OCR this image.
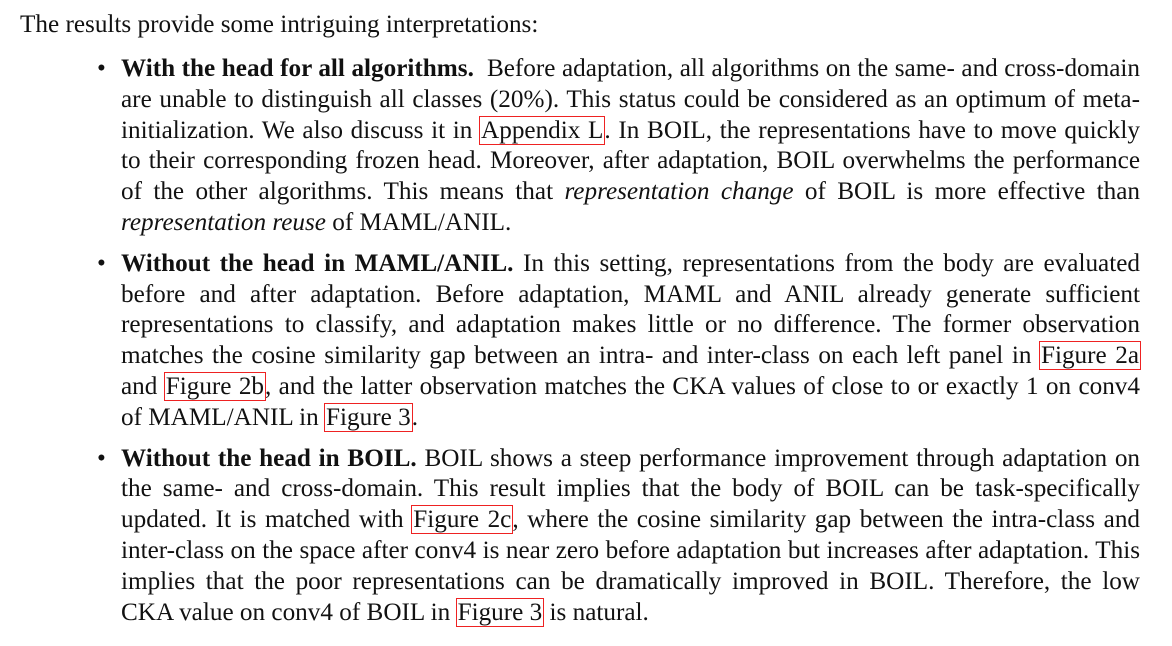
The results provide some intriguing interpretations:

• With the head for all algorithms. Before adaptation, all algorithms on the same- and cross-domain are unable to distinguish all classes (20%). This status could be considered as an optimum of meta-initialization. We also discuss it in Appendix L. In BOIL, the representations have to move quickly to their corresponding frozen head. Moreover, after adaptation, BOIL overwhelms the performance of the other algorithms. This means that representation change of BOIL is more effective than representation reuse of MAML/ANIL.
• Without the head in MAML/ANIL. In this setting, representations from the body are evaluated before and after adaptation. Before adaptation, MAML and ANIL already generate sufficient representations to classify, and adaptation makes little or no difference. The former observation matches the cosine similarity gap between an intra- and inter-class on each left panel in Figure 2a and Figure 2b, and the latter observation matches the CKA values of close to or exactly 1 on conv4 of MAML/ANIL in Figure 3.
• Without the head in BOIL. BOIL shows a steep performance improvement through adaptation on the same- and cross-domain. This result implies that the body of BOIL can be task-specifically updated. It is matched with Figure 2c, where the cosine similarity gap between the intra-class and inter-class on the space after conv4 is near zero before adaptation but increases after adaptation. This implies that the poor representations can be dramatically improved in BOIL. Therefore, the low CKA value on conv4 of BOIL in Figure 3 is natural.
